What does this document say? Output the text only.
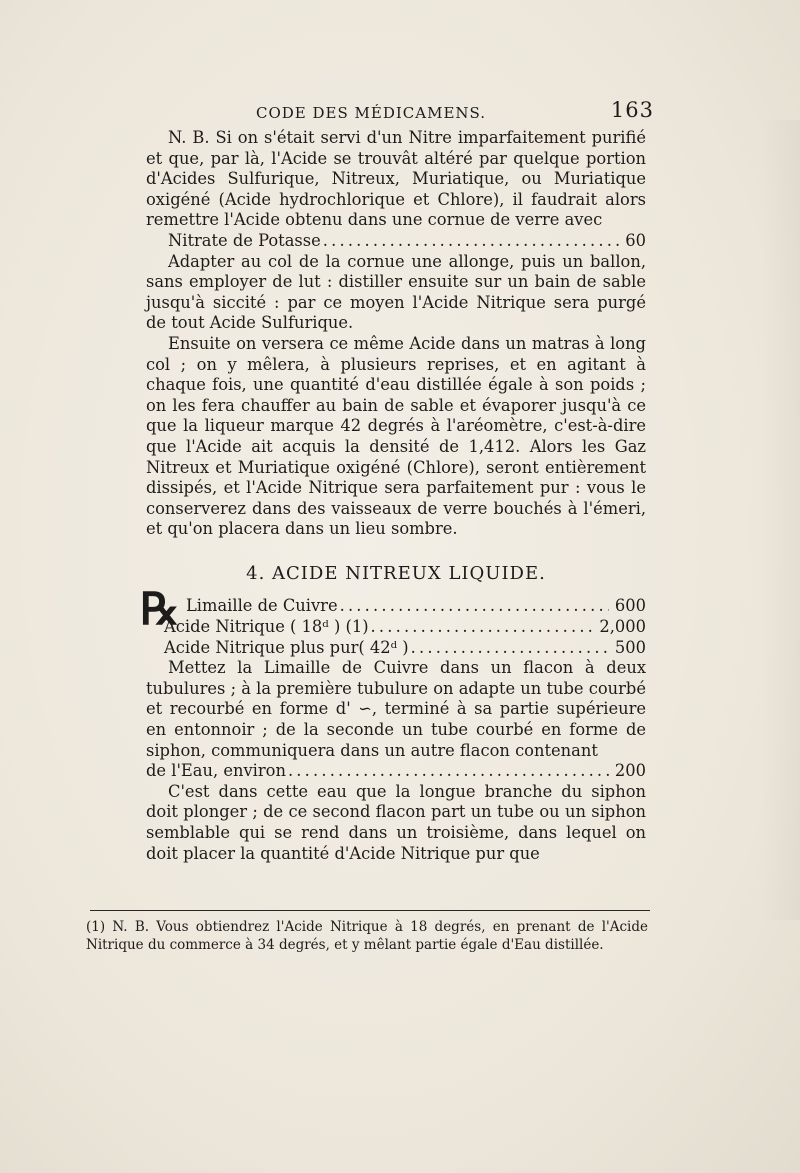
CODE DES MÉDICAMENS.	163

N. B. Si on s'était servi d'un Nitre imparfaitement purifié et que, par là, l'Acide se trouvât altéré par quelque portion d'Acides Sulfurique, Nitreux, Muriatique, ou Muriatique oxigéné (Acide hydrochlorique et Chlore), il faudrait alors remettre l'Acide obtenu dans une cornue de verre avec

Nitrate de Potasse . . .	60

Adapter au col de la cornue une allonge, puis un ballon, sans employer de lut : distiller ensuite sur un bain de sable jusqu'à siccité : par ce moyen l'Acide Nitrique sera purgé de tout Acide Sulfurique.

Ensuite on versera ce même Acide dans un matras à long col ; on y mêlera, à plusieurs reprises, et en agitant à chaque fois, une quantité d'eau distillée égale à son poids ; on les fera chauffer au bain de sable et évaporer jusqu'à ce que la liqueur marque 42 degrés à l'aréomètre, c'est-à-dire que l'Acide ait acquis la densité de 1,412. Alors les Gaz Nitreux et Muriatique oxigéné (Chlore), seront entièrement dissipés, et l'Acide Nitrique sera parfaitement pur : vous le conserverez dans des vaisseaux de verre bouchés à l'émeri, et qu'on placera dans un lieu sombre.

4. ACIDE NITREUX LIQUIDE.
℞ Limaille de Cuivre . . .	600
Acide Nitrique ( 18ᵈ ) (1) . . .	2,000
Acide Nitrique plus pur( 42ᵈ ) . . .	500

Mettez la Limaille de Cuivre dans un flacon à deux tubulures ; à la première tubulure on adapte un tube courbé et recourbé en forme d' ∽, terminé à sa partie supérieure en entonnoir ; de la seconde un tube courbé en forme de siphon, communiquera dans un autre flacon contenant

de l'Eau, environ . . .	200

C'est dans cette eau que la longue branche du siphon doit plonger ; de ce second flacon part un tube ou un siphon semblable qui se rend dans un troisième, dans lequel on doit placer la quantité d'Acide Nitrique pur que

(1) N. B. Vous obtiendrez l'Acide Nitrique à 18 degrés, en prenant de l'Acide Nitrique du commerce à 34 degrés, et y mêlant partie égale d'Eau distillée.
